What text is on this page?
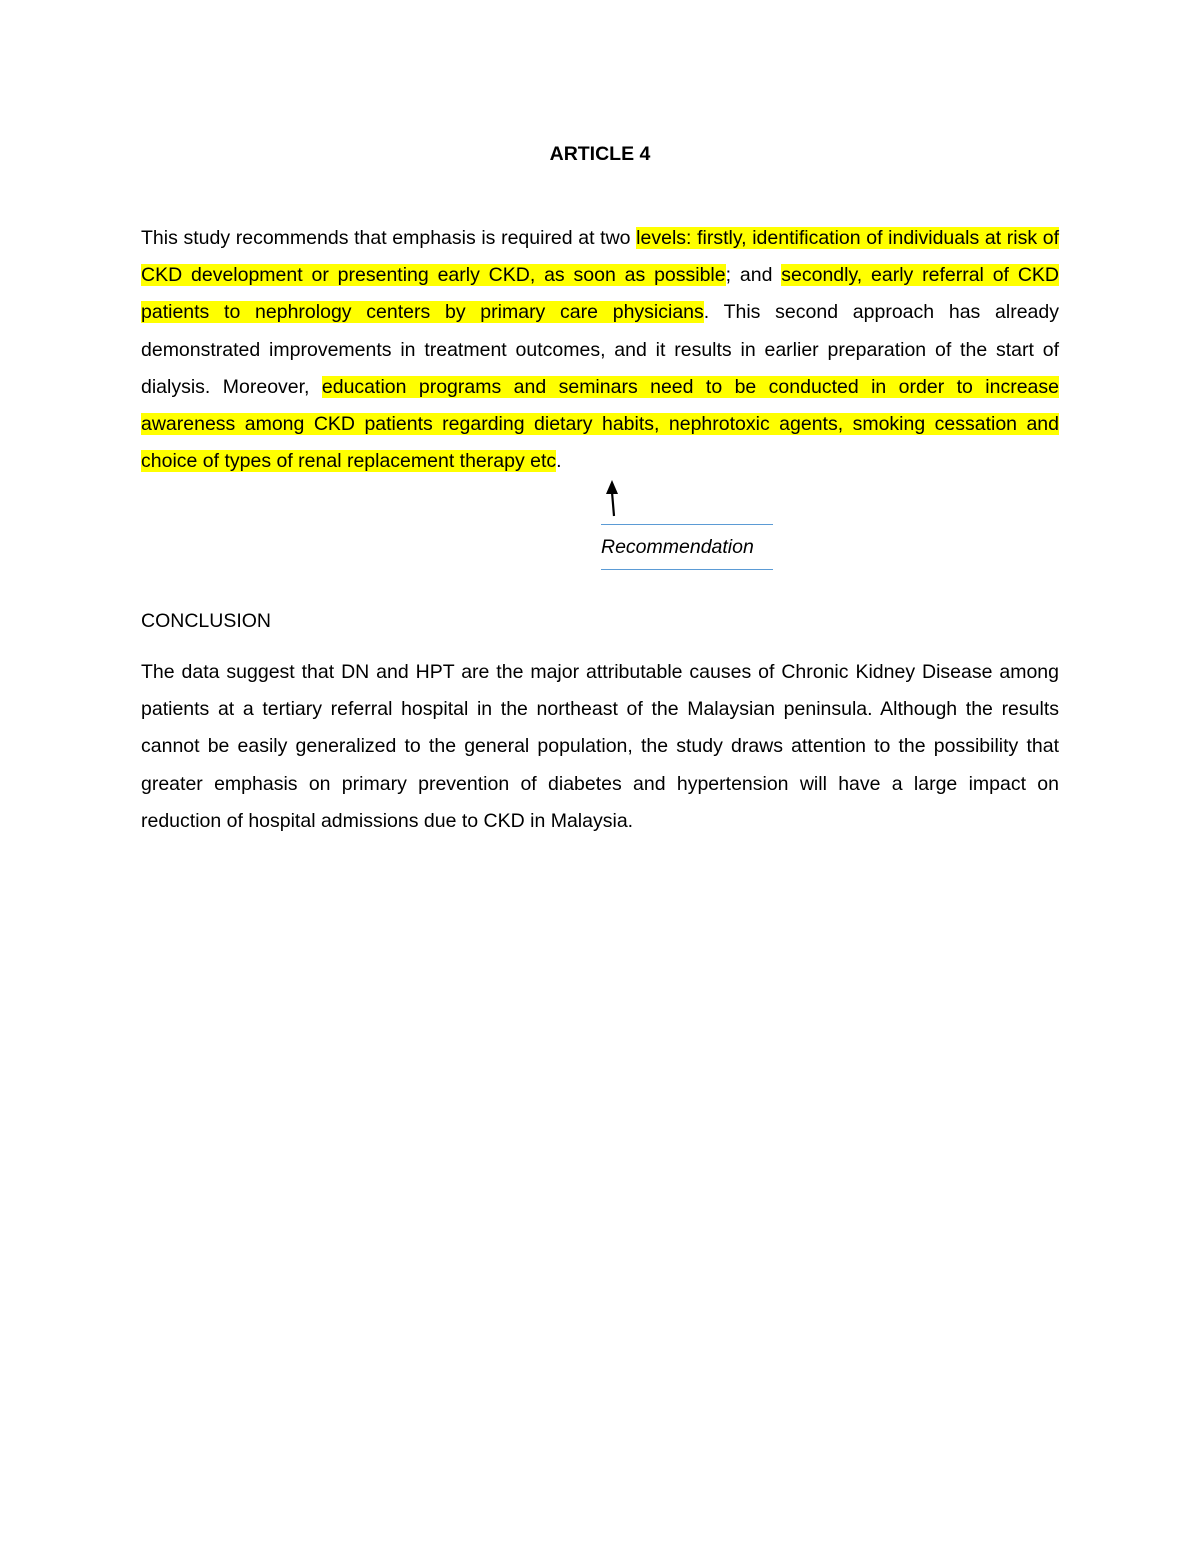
ARTICLE 4

This study recommends that emphasis is required at two levels: firstly, identification of individuals at risk of CKD development or presenting early CKD, as soon as possible; and secondly, early referral of CKD patients to nephrology centers by primary care physicians. This second approach has already demonstrated improvements in treatment outcomes, and it results in earlier preparation of the start of dialysis. Moreover, education programs and seminars need to be conducted in order to increase awareness among CKD patients regarding dietary habits, nephrotoxic agents, smoking cessation and choice of types of renal replacement therapy etc.

Recommendation
CONCLUSION

The data suggest that DN and HPT are the major attributable causes of Chronic Kidney Disease among patients at a tertiary referral hospital in the northeast of the Malaysian peninsula. Although the results cannot be easily generalized to the general population, the study draws attention to the possibility that greater emphasis on primary prevention of diabetes and hypertension will have a large impact on reduction of hospital admissions due to CKD in Malaysia.
